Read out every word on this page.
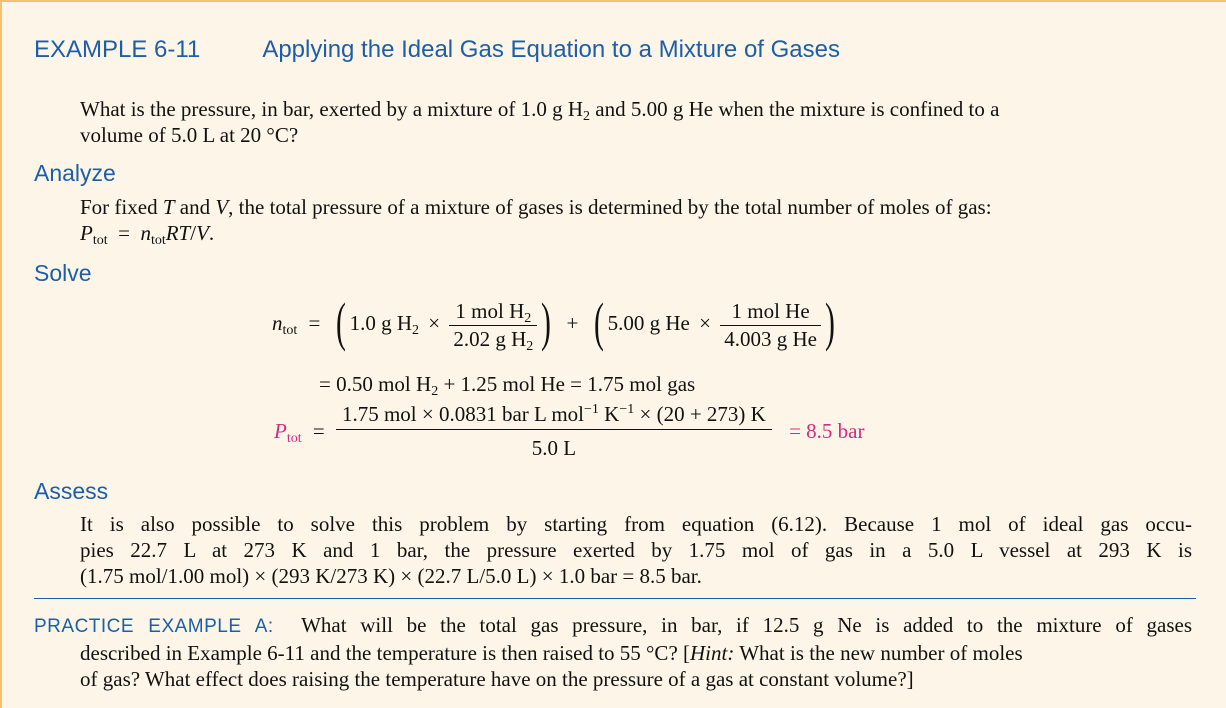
EXAMPLE 6-11	Applying the Ideal Gas Equation to a Mixture of Gases
What is the pressure, in bar, exerted by a mixture of 1.0 g $H_2$ and 5.00 g He when the mixture is confined to a
volume of 5.0 L at 20 °C?
Analyze
For fixed T and V, the total pressure of a mixture of gases is determined by the total number of moles of gas:
$P_{tot} = n_{tot}RT/V$.
Solve
$n_{tot}$ = ( 1.0 g $H_2 \times \frac{1 mol H_2}{2.02 g H_2}$ ) + ( 5.00 g $He \times \frac{\text{1 mol He}}{\text{4.003 g He}}$ )
= 0.50 mol $H_2 + 1.25$ mol He = 1.75 mol gas
$P_{tot} = \frac{1.75 mol \times 0.0831 bar L mol^{-1} K^{-1} \times (20 + 273) K}{5.0 L} = 8.5$ bar
Assess
It is also possible to solve this problem by starting from equation (6.12). Because 1 mol of ideal gas occu-
pies 22.7 L at 273 K and 1 bar, the pressure exerted by 1.75 mol of gas in a 5.0 L vessel at 293 K is
(1.75 mol/1.00 mol) × (293 K/273 K) × (22.7 L/5.0 L) × 1.0 bar = 8.5 bar.
PRACTICE EXAMPLE A: What will be the total gas pressure, in bar, if 12.5 g Ne is added to the mixture of gases
described in Example 6-11 and the temperature is then raised to 55 °C? [Hint: What is the new number of moles
of gas? What effect does raising the temperature have on the pressure of a gas at constant volume?]
